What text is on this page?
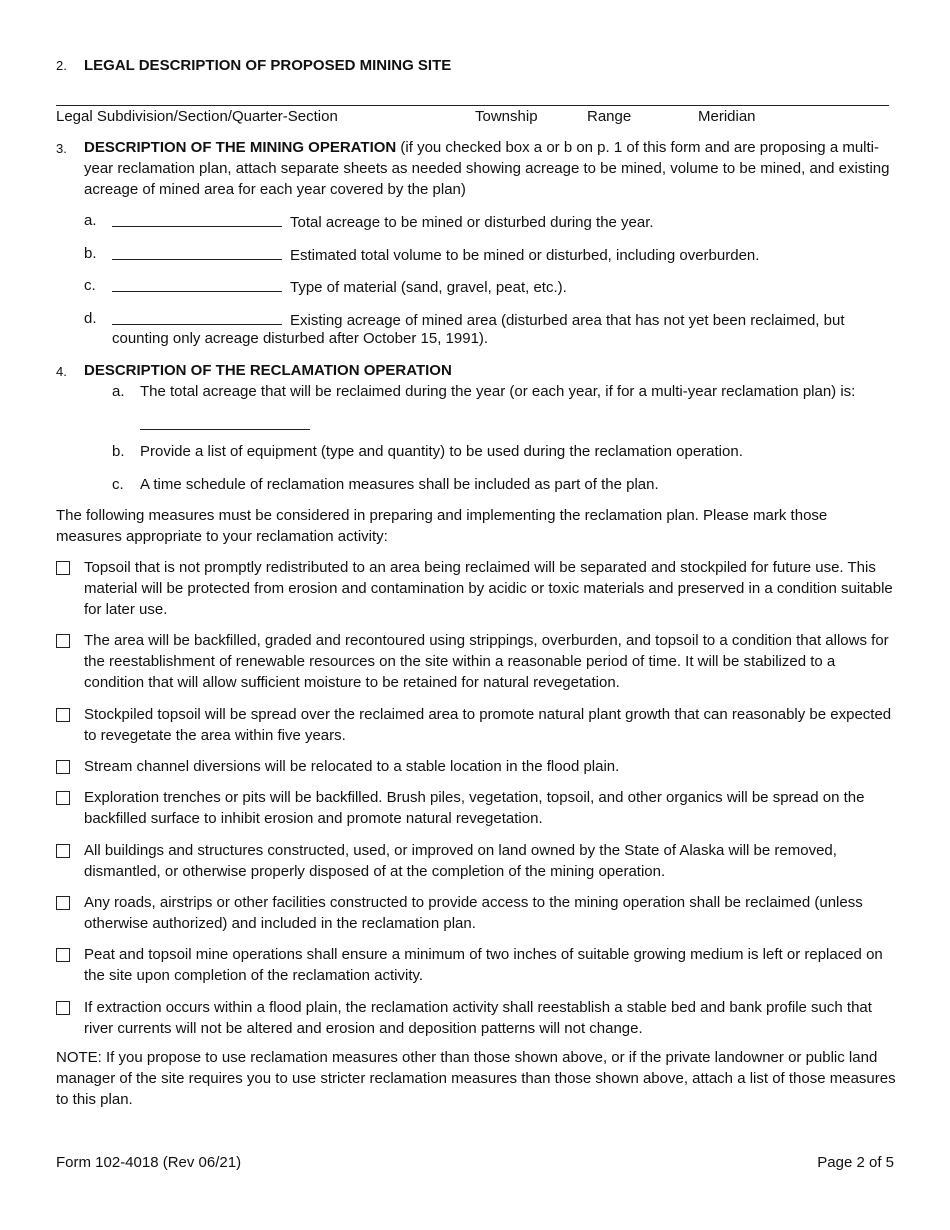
2. LEGAL DESCRIPTION OF PROPOSED MINING SITE
Legal Subdivision/Section/Quarter-Section	Township	Range	Meridian
3. DESCRIPTION OF THE MINING OPERATION (if you checked box a or b on p. 1 of this form and are proposing a multi-year reclamation plan, attach separate sheets as needed showing acreage to be mined, volume to be mined, and existing acreage of mined area for each year covered by the plan)
a.	Total acreage to be mined or disturbed during the year.
b.	Estimated total volume to be mined or disturbed, including overburden.
c.	Type of material (sand, gravel, peat, etc.).
d.	Existing acreage of mined area (disturbed area that has not yet been reclaimed, but
counting only acreage disturbed after October 15, 1991).
4. DESCRIPTION OF THE RECLAMATION OPERATION
a. The total acreage that will be reclaimed during the year (or each year, if for a multi-year reclamation plan) is:
b. Provide a list of equipment (type and quantity) to be used during the reclamation operation.
c. A time schedule of reclamation measures shall be included as part of the plan.
The following measures must be considered in preparing and implementing the reclamation plan. Please mark those measures appropriate to your reclamation activity:
Topsoil that is not promptly redistributed to an area being reclaimed will be separated and stockpiled for future use. This material will be protected from erosion and contamination by acidic or toxic materials and preserved in a condition suitable for later use.
The area will be backfilled, graded and recontoured using strippings, overburden, and topsoil to a condition that allows for the reestablishment of renewable resources on the site within a reasonable period of time. It will be stabilized to a condition that will allow sufficient moisture to be retained for natural revegetation.
Stockpiled topsoil will be spread over the reclaimed area to promote natural plant growth that can reasonably be expected to revegetate the area within five years.
Stream channel diversions will be relocated to a stable location in the flood plain.
Exploration trenches or pits will be backfilled. Brush piles, vegetation, topsoil, and other organics will be spread on the backfilled surface to inhibit erosion and promote natural revegetation.
All buildings and structures constructed, used, or improved on land owned by the State of Alaska will be removed, dismantled, or otherwise properly disposed of at the completion of the mining operation.
Any roads, airstrips or other facilities constructed to provide access to the mining operation shall be reclaimed (unless otherwise authorized) and included in the reclamation plan.
Peat and topsoil mine operations shall ensure a minimum of two inches of suitable growing medium is left or replaced on the site upon completion of the reclamation activity.
If extraction occurs within a flood plain, the reclamation activity shall reestablish a stable bed and bank profile such that river currents will not be altered and erosion and deposition patterns will not change.
NOTE: If you propose to use reclamation measures other than those shown above, or if the private landowner or public land manager of the site requires you to use stricter reclamation measures than those shown above, attach a list of those measures to this plan.
Form 102-4018 (Rev 06/21)	Page 2 of 5
